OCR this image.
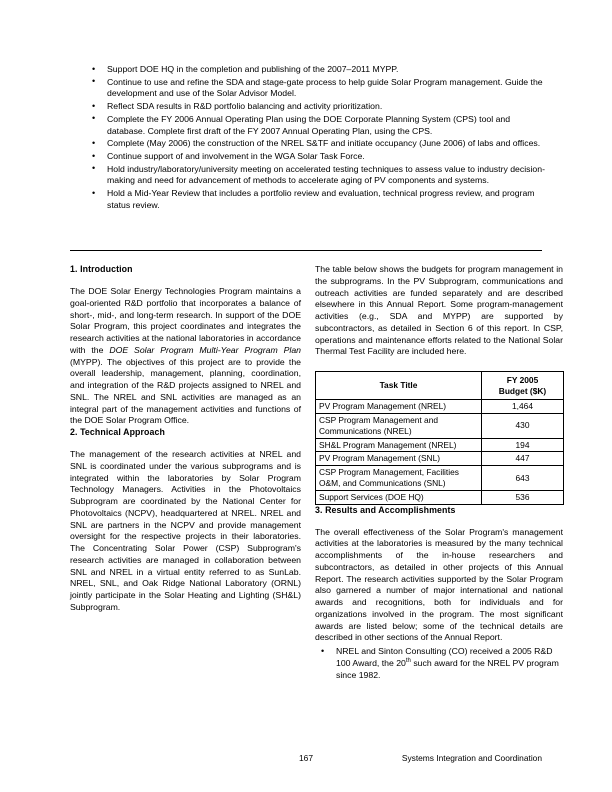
• Support DOE HQ in the completion and publishing of the 2007–2011 MYPP.
• Continue to use and refine the SDA and stage-gate process to help guide Solar Program management. Guide the development and use of the Solar Advisor Model.
• Reflect SDA results in R&D portfolio balancing and activity prioritization.
• Complete the FY 2006 Annual Operating Plan using the DOE Corporate Planning System (CPS) tool and database. Complete first draft of the FY 2007 Annual Operating Plan, using the CPS.
• Complete (May 2006) the construction of the NREL S&TF and initiate occupancy (June 2006) of labs and offices.
• Continue support of and involvement in the WGA Solar Task Force.
• Hold industry/laboratory/university meeting on accelerated testing techniques to assess value to industry decision-making and need for advancement of methods to accelerate aging of PV components and systems.
• Hold a Mid-Year Review that includes a portfolio review and evaluation, technical progress review, and program status review.
1. Introduction

The DOE Solar Energy Technologies Program maintains a goal-oriented R&D portfolio that incorporates a balance of short-, mid-, and long-term research. In support of the DOE Solar Program, this project coordinates and integrates the research activities at the national laboratories in accordance with the DOE Solar Program Multi-Year Program Plan (MYPP). The objectives of this project are to provide the overall leadership, management, planning, coordination, and integration of the R&D projects assigned to NREL and SNL. The NREL and SNL activities are managed as an integral part of the management activities and functions of the DOE Solar Program Office.

2. Technical Approach

The management of the research activities at NREL and SNL is coordinated under the various subprograms and is integrated within the laboratories by Solar Program Technology Managers. Activities in the Photovoltaics Subprogram are coordinated by the National Center for Photovoltaics (NCPV), headquartered at NREL. NREL and SNL are partners in the NCPV and provide management oversight for the respective projects in their laboratories. The Concentrating Solar Power (CSP) Subprogram's research activities are managed in collaboration between SNL and NREL in a virtual entity referred to as SunLab. NREL, SNL, and Oak Ridge National Laboratory (ORNL) jointly participate in the Solar Heating and Lighting (SH&L) Subprogram.

The table below shows the budgets for program management in the subprograms. In the PV Subprogram, communications and outreach activities are funded separately and are described elsewhere in this Annual Report. Some program-management activities (e.g., SDA and MYPP) are supported by subcontractors, as detailed in Section 6 of this report. In CSP, operations and maintenance efforts related to the National Solar Thermal Test Facility are included here.

Task Title	FY 2005
Budget ($K)
PV Program Management (NREL)	1,464
CSP Program Management and Communications (NREL)	430
SH&L Program Management (NREL)	194
PV Program Management (SNL)	447
CSP Program Management, Facilities O&M, and Communications (SNL)	643
Support Services (DOE HQ)	536
3. Results and Accomplishments

The overall effectiveness of the Solar Program's management activities at the laboratories is measured by the many technical accomplishments of the in-house researchers and subcontractors, as detailed in other projects of this Annual Report. The research activities supported by the Solar Program also garnered a number of major international and national awards and recognitions, both for individuals and for organizations involved in the program. The most significant awards are listed below; some of the technical details are described in other sections of the Annual Report.

• NREL and Sinton Consulting (CO) received a 2005 R&D 100 Award, the 20th such award for the NREL PV program since 1982.
167	Systems Integration and Coordination
